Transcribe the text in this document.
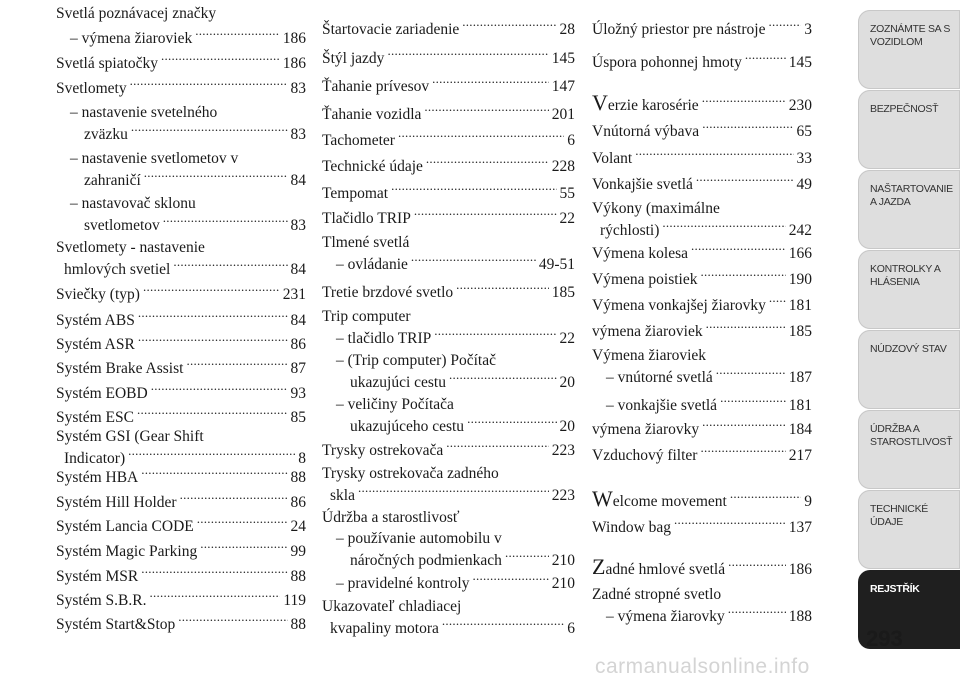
Svetlá poznávacej značky
– výmena žiaroviek . . .	186
Svetlá spiatočky . . .	186
Svetlomety . . .	83
– nastavenie svetelného
zväzku . . .	83
– nastavenie svetlometov v
zahraničí . . .	84
– nastavovač sklonu
svetlometov . . .	83
Svetlomety - nastavenie
hmlových svetiel . . .	84
Sviečky (typ) . . .	231
Systém ABS . . .	84
Systém ASR . . .	86
Systém Brake Assist . . .	87
Systém EOBD . . .	93
Systém ESC . . .	85
Systém GSI (Gear Shift
Indicator) . . .	8
Systém HBA . . .	88
Systém Hill Holder . . .	86
Systém Lancia CODE . . .	24
Systém Magic Parking . . .	99
Systém MSR . . .	88
Systém S.B.R. . . .	119
Systém Start&Stop . . .	88
Štartovacie zariadenie . . .	28
Štýl jazdy . . .	145
Ťahanie prívesov . . .	147
Ťahanie vozidla . . .	201
Tachometer . . .	6
Technické údaje . . .	228
Tempomat . . .	55
Tlačidlo TRIP . . .	22
Tlmené svetlá
– ovládanie . . .	49-51
Tretie brzdové svetlo . . .	185
Trip computer
– tlačidlo TRIP . . .	22
– (Trip computer) Počítač
ukazujúci cestu . . .	20
– veličiny Počítača
ukazujúceho cestu . . .	20
Trysky ostrekovača . . .	223
Trysky ostrekovača zadného
skla . . .	223
Údržba a starostlivosť
– používanie automobilu v
náročných podmienkach . . .	210
– pravidelné kontroly . . .	210
Ukazovateľ chladiacej
kvapaliny motora . . .	6
Úložný priestor pre nástroje . . .	3
Úspora pohonnej hmoty . . .	145
Verzie karosérie . . .	230
Vnútorná výbava . . .	65
Volant . . .	33
Vonkajšie svetlá . . .	49
Výkony (maximálne
rýchlosti) . . .	242
Výmena kolesa . . .	166
Výmena poistiek . . .	190
Výmena vonkajšej žiarovky . . . 181
výmena žiaroviek . . .	185
Výmena žiaroviek
– vnútorné svetlá . . .	187
– vonkajšie svetlá . . .	181
výmena žiarovky . . .	184
Vzduchový filter . . .	217
Welcome movement . . .	9
Window bag . . .	137
Zadné hmlové svetlá . . .	186
Zadné stropné svetlo
– výmena žiarovky . . .	188
ZOZNÁMTE SA S
VOZIDLOM
BEZPEČNOSŤ
NAŠTARTOVANIE
A JAZDA
KONTROLKY A
HLÁSENIA
NÚDZOVÝ STAV
ÚDRŽBA A
STAROSTLIVOSŤ
TECHNICKÉ
ÚDAJE
REJSTŘÍK
293
carmanualsonline.info
